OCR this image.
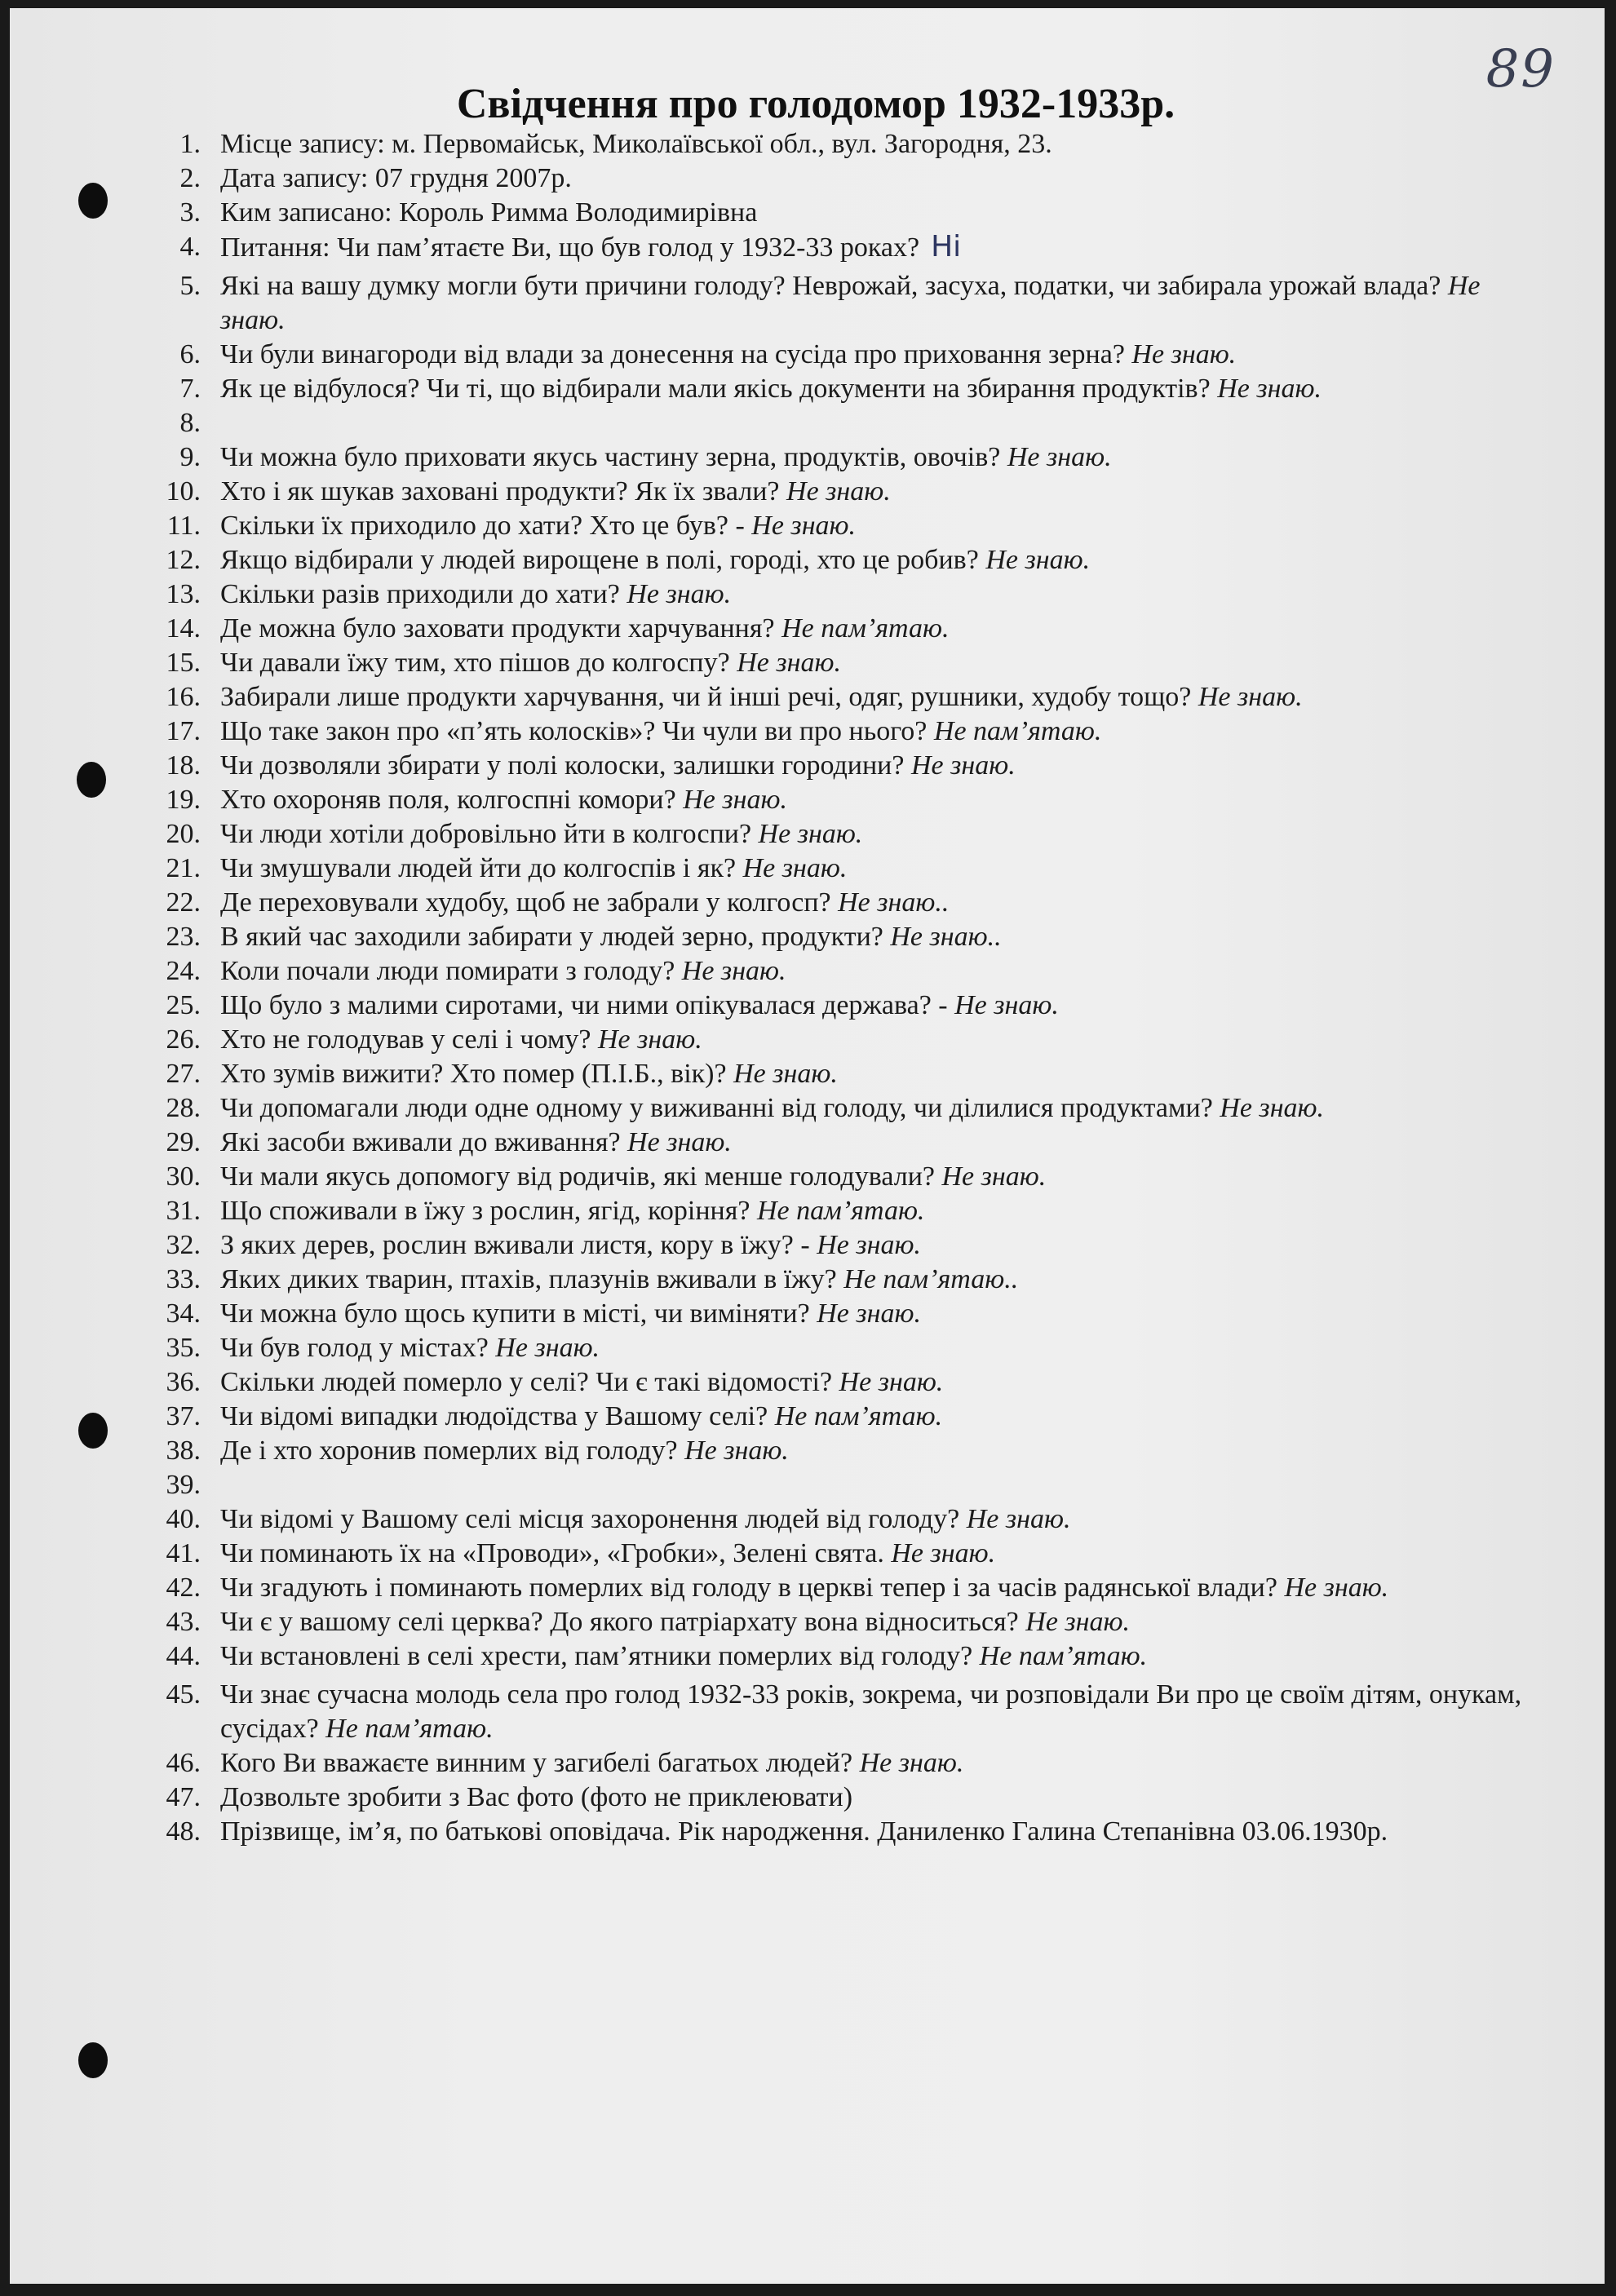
89
Свідчення про голодомор 1932-1933р.
1. Місце запису: м. Первомайськ, Миколаївської обл., вул. Загородня, 23.
2. Дата запису: 07 грудня 2007р.
3. Ким записано: Король Римма Володимирівна
4. Питання: Чи пам’ятаєте Ви, що був голод у 1932-33 роках? Ні
5. Які на вашу думку могли бути причини голоду? Неврожай, засуха, податки, чи забирала урожай влада? Не знаю.
6. Чи були винагороди від влади за донесення на сусіда про приховання зерна? Не знаю.
7. Як це відбулося? Чи ті, що відбирали мали якісь документи на збирання продуктів? Не знаю.
8.
9. Чи можна було приховати якусь частину зерна, продуктів, овочів? Не знаю.
10. Хто і як шукав заховані продукти? Як їх звали? Не знаю.
11. Скільки їх приходило до хати? Хто це був? - Не знаю.
12. Якщо відбирали у людей вирощене в полі, городі, хто це робив? Не знаю.
13. Скільки разів приходили до хати? Не знаю.
14. Де можна було заховати продукти харчування? Не пам’ятаю.
15. Чи давали їжу тим, хто пішов до колгоспу? Не знаю.
16. Забирали лише продукти харчування, чи й інші речі, одяг, рушники, худобу тощо? Не знаю.
17. Що таке закон про «п’ять колосків»? Чи чули ви про нього? Не пам’ятаю.
18. Чи дозволяли збирати у полі колоски, залишки городини? Не знаю.
19. Хто охороняв поля, колгоспні комори? Не знаю.
20. Чи люди хотіли добровільно йти в колгоспи? Не знаю.
21. Чи змушували людей йти до колгоспів і як? Не знаю.
22. Де переховували худобу, щоб не забрали у колгосп? Не знаю..
23. В який час заходили забирати у людей зерно, продукти? Не знаю..
24. Коли почали люди помирати з голоду? Не знаю.
25. Що було з малими сиротами, чи ними опікувалася держава? - Не знаю.
26. Хто не голодував у селі і чому? Не знаю.
27. Хто зумів вижити? Хто помер (П.І.Б., вік)? Не знаю.
28. Чи допомагали люди одне одному у виживанні від голоду, чи ділилися продуктами? Не знаю.
29. Які засоби вживали до вживання? Не знаю.
30. Чи мали якусь допомогу від родичів, які менше голодували? Не знаю.
31. Що споживали в їжу з рослин, ягід, коріння? Не пам’ятаю.
32. З яких дерев, рослин вживали листя, кору в їжу? - Не знаю.
33. Яких диких тварин, птахів, плазунів вживали в їжу? Не пам’ятаю..
34. Чи можна було щось купити в місті, чи виміняти? Не знаю.
35. Чи був голод у містах? Не знаю.
36. Скільки людей померло у селі? Чи є такі відомості? Не знаю.
37. Чи відомі випадки людоїдства у Вашому селі? Не пам’ятаю.
38. Де і хто хоронив померлих від голоду? Не знаю.
39.
40. Чи відомі у Вашому селі місця захоронення людей від голоду? Не знаю.
41. Чи поминають їх на «Проводи», «Гробки», Зелені свята. Не знаю.
42. Чи згадують і поминають померлих від голоду в церкві тепер і за часів радянської влади? Не знаю.
43. Чи є у вашому селі церква? До якого патріархату вона відноситься? Не знаю.
44. Чи встановлені в селі хрести, пам’ятники померлих від голоду? Не пам’ятаю.
45. Чи знає сучасна молодь села про голод 1932-33 років, зокрема, чи розповідали Ви про це своїм дітям, онукам, сусідах? Не пам’ятаю.
46. Кого Ви вважаєте винним у загибелі багатьох людей? Не знаю.
47. Дозвольте зробити з Вас фото (фото не приклеювати)
48. Прізвище, ім’я, по батькові оповідача. Рік народження. Даниленко Галина Степанівна 03.06.1930р.
